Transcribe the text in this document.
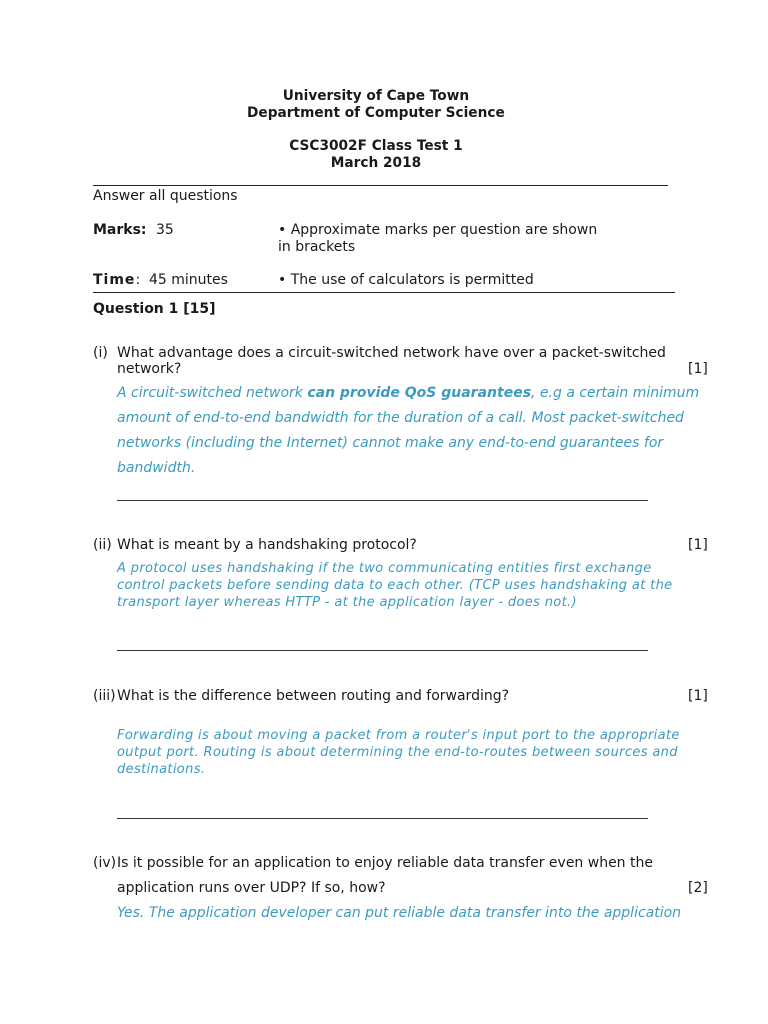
University of Cape Town
Department of Computer Science
CSC3002F Class Test 1
March 2018
Answer all questions
Marks: 35	• Approximate marks per question are shown
in brackets
Time: 45 minutes	• The use of calculators is permitted
Question 1 [15]
(i) What advantage does a circuit-switched network have over a packet-switched
network?	[1]
A circuit-switched network can provide QoS guarantees, e.g a certain minimum
amount of end-to-end bandwidth for the duration of a call. Most packet-switched
networks (including the Internet) cannot make any end-to-end guarantees for
bandwidth.
(ii) What is meant by a handshaking protocol?	[1]
A protocol uses handshaking if the two communicating entities first exchange
control packets before sending data to each other. (TCP uses handshaking at the
transport layer whereas HTTP - at the application layer - does not.)
(iii) What is the difference between routing and forwarding?	[1]
Forwarding is about moving a packet from a router's input port to the appropriate
output port. Routing is about determining the end-to-routes between sources and
destinations.
(iv) Is it possible for an application to enjoy reliable data transfer even when the
application runs over UDP? If so, how?	[2]
Yes. The application developer can put reliable data transfer into the application
